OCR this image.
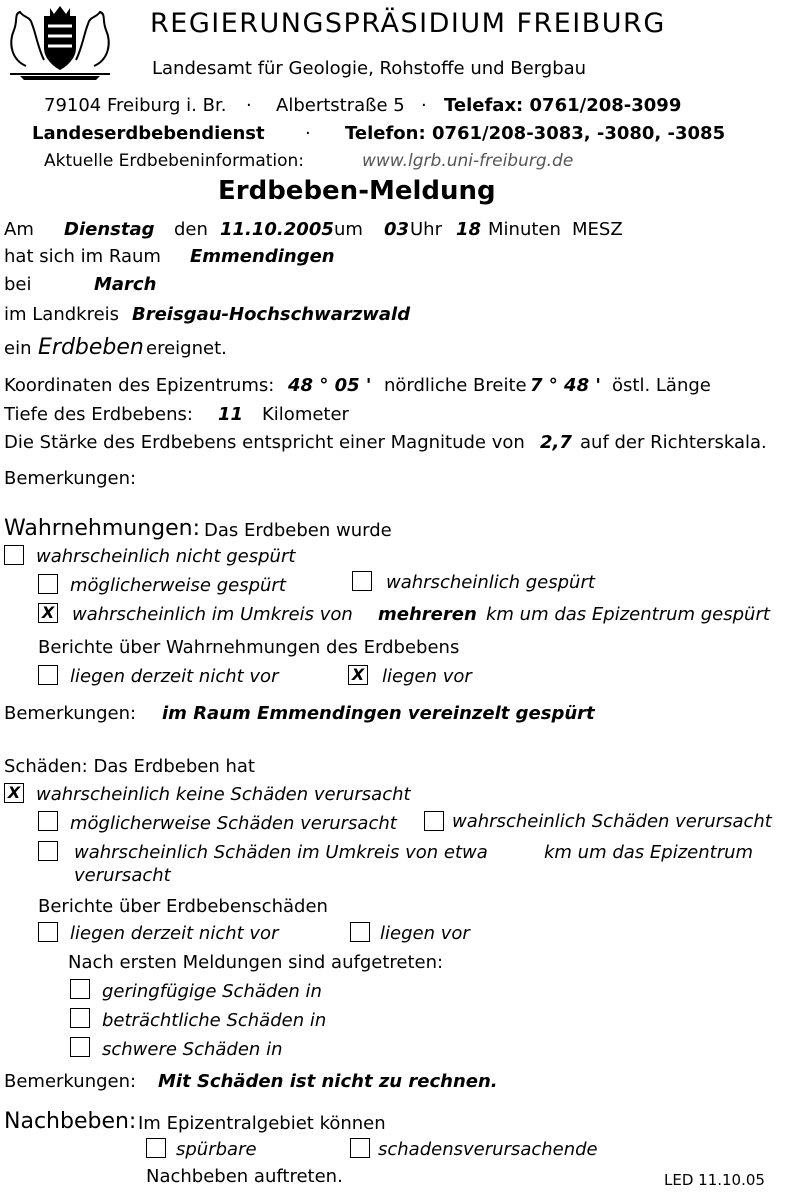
REGIERUNGSPRÄSIDIUM FREIBURG
Landesamt für Geologie, Rohstoffe und Bergbau
79104 Freiburg i. Br. · Albertstraße 5 · Telefax: 0761/208-3099
Landeserdbebendienst · Telefon: 0761/208-3083, -3080, -3085
Aktuelle Erdbebeninformation:	www.lgrb.uni-freiburg.de
Erdbeben-Meldung
Am Dienstag den 11.10.2005 um 03 Uhr 18 Minuten MESZ
hat sich im Raum Emmendingen
bei	March
im Landkreis Breisgau-Hochschwarzwald
ein Erdbeben ereignet.
Koordinaten des Epizentrums: 48 ° 05 ' nördliche Breite 7 ° 48 ' östl. Länge
Tiefe des Erdbebens: 11 Kilometer
Die Stärke des Erdbebens entspricht einer Magnitude von 2,7 auf der Richterskala.
Bemerkungen:
Wahrnehmungen: Das Erdbeben wurde
wahrscheinlich nicht gespürt
möglicherweise gespürt	wahrscheinlich gespürt
X wahrscheinlich im Umkreis von mehreren km um das Epizentrum gespürt
Berichte über Wahrnehmungen des Erdbebens
liegen derzeit nicht vor	X liegen vor
Bemerkungen: im Raum Emmendingen vereinzelt gespürt
Schäden: Das Erdbeben hat
X wahrscheinlich keine Schäden verursacht
möglicherweise Schäden verursacht	wahrscheinlich Schäden verursacht
wahrscheinlich Schäden im Umkreis von etwa	km um das Epizentrum
verursacht
Berichte über Erdbebenschäden
liegen derzeit nicht vor	liegen vor
Nach ersten Meldungen sind aufgetreten:
geringfügige Schäden in
beträchtliche Schäden in
schwere Schäden in
Bemerkungen: Mit Schäden ist nicht zu rechnen.
Nachbeben: Im Epizentralgebiet können
spürbare	schadensverursachende
Nachbeben auftreten.	LED 11.10.05
